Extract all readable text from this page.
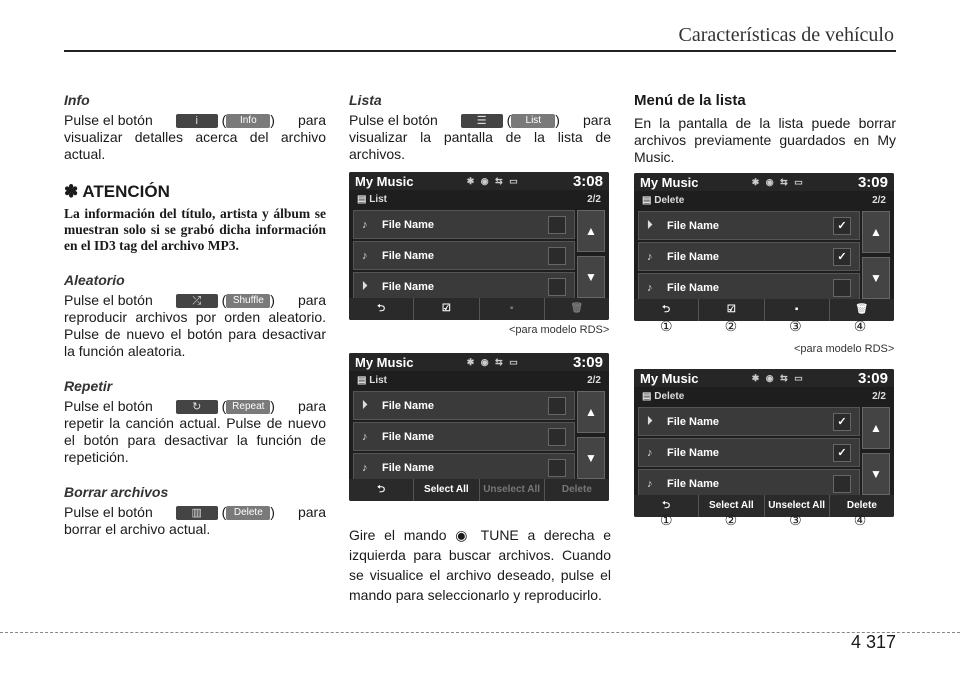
Características de vehículo

Info

Pulse el botón	i ( Info ) para

visualizar detalles acerca del archivo actual.

✽ ATENCIÓN

La información del título, artista y álbum se muestran solo si se grabó dicha información en el ID3 tag del archivo MP3.

Aleatorio

Pulse el botón	⤮ ( Shuffle ) para

reproducir archivos por orden aleatorio. Pulse de nuevo el botón para desactivar la función aleatoria.

Repetir

Pulse el botón	↻ ( Repeat ) para

repetir la canción actual. Pulse de nuevo el botón para desactivar la función de repetición.

Borrar archivos

Pulse el botón	▥ ( Delete ) para

borrar el archivo actual.

Lista

Pulse el botón	☰ ( List ) para

visualizar la pantalla de la lista de archivos.

My Music	✱ ◉ ⇆ ▭	3:08
▤ List	2/2
♪	File Name
♪	File Name
⏵	File Name
▲
▼
⮌	☑	▪	🗑
<para modelo RDS>
My Music	✱ ◉ ⇆ ▭	3:09
▤ List	2/2
⏵	File Name
♪	File Name
♪	File Name
▲
▼
⮌	Select All	Unselect All	Delete
Gire el mando ◉ TUNE a derecha e izquierda para buscar archivos. Cuando se visualice el archivo deseado, pulse el mando para seleccionarlo y reproducirlo.

Menú de la lista

En la pantalla de la lista puede borrar archivos previamente guardados en My Music.

My Music	✱ ◉ ⇆ ▭	3:09
▤ Delete	2/2
⏵	File Name	✓
♪	File Name	✓
♪	File Name
▲
▼
⮌	☑	▪	🗑
①	②	③	④
<para modelo RDS>
My Music	✱ ◉ ⇆ ▭	3:09
▤ Delete	2/2
⏵	File Name	✓
♪	File Name	✓
♪	File Name
▲
▼
⮌	Select All	Unselect All	Delete
①	②	③	④
4 317
